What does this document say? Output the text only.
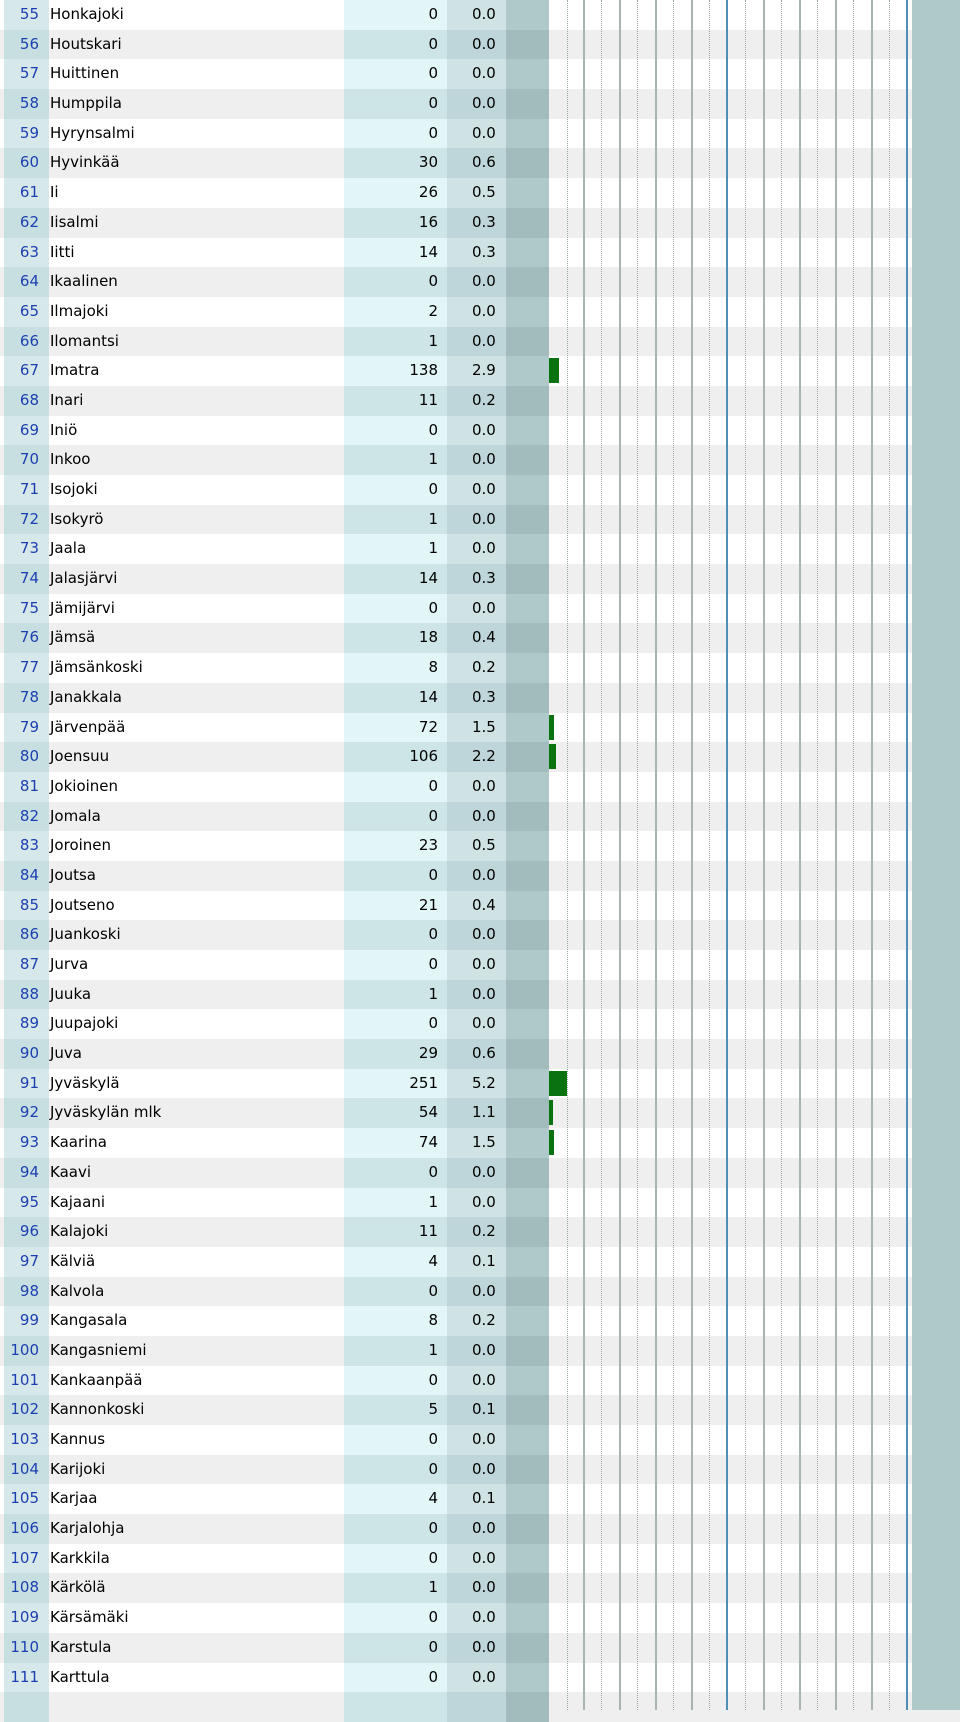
55 Honkajoki	0	0.0
56 Houtskari	0	0.0
57 Huittinen	0	0.0
58 Humppila	0	0.0
59 Hyrynsalmi	0	0.0
60 Hyvinkää	30	0.6
61 Ii	26	0.5
62 Iisalmi	16	0.3
63 Iitti	14	0.3
64 Ikaalinen	0	0.0
65 Ilmajoki	2	0.0
66 Ilomantsi	1	0.0
67 Imatra	138	2.9
68 Inari	11	0.2
69 Iniö	0	0.0
70 Inkoo	1	0.0
71 Isojoki	0	0.0
72 Isokyrö	1	0.0
73 Jaala	1	0.0
74 Jalasjärvi	14	0.3
75 Jämijärvi	0	0.0
76 Jämsä	18	0.4
77 Jämsänkoski	8	0.2
78 Janakkala	14	0.3
79 Järvenpää	72	1.5
80 Joensuu	106	2.2
81 Jokioinen	0	0.0
82 Jomala	0	0.0
83 Joroinen	23	0.5
84 Joutsa	0	0.0
85 Joutseno	21	0.4
86 Juankoski	0	0.0
87 Jurva	0	0.0
88 Juuka	1	0.0
89 Juupajoki	0	0.0
90 Juva	29	0.6
91 Jyväskylä	251	5.2
92 Jyväskylän mlk	54	1.1
93 Kaarina	74	1.5
94 Kaavi	0	0.0
95 Kajaani	1	0.0
96 Kalajoki	11	0.2
97 Kälviä	4	0.1
98 Kalvola	0	0.0
99 Kangasala	8	0.2
100 Kangasniemi	1	0.0
101 Kankaanpää	0	0.0
102 Kannonkoski	5	0.1
103 Kannus	0	0.0
104 Karijoki	0	0.0
105 Karjaa	4	0.1
106 Karjalohja	0	0.0
107 Karkkila	0	0.0
108 Kärkölä	1	0.0
109 Kärsämäki	0	0.0
110 Karstula	0	0.0
111 Karttula	0	0.0
